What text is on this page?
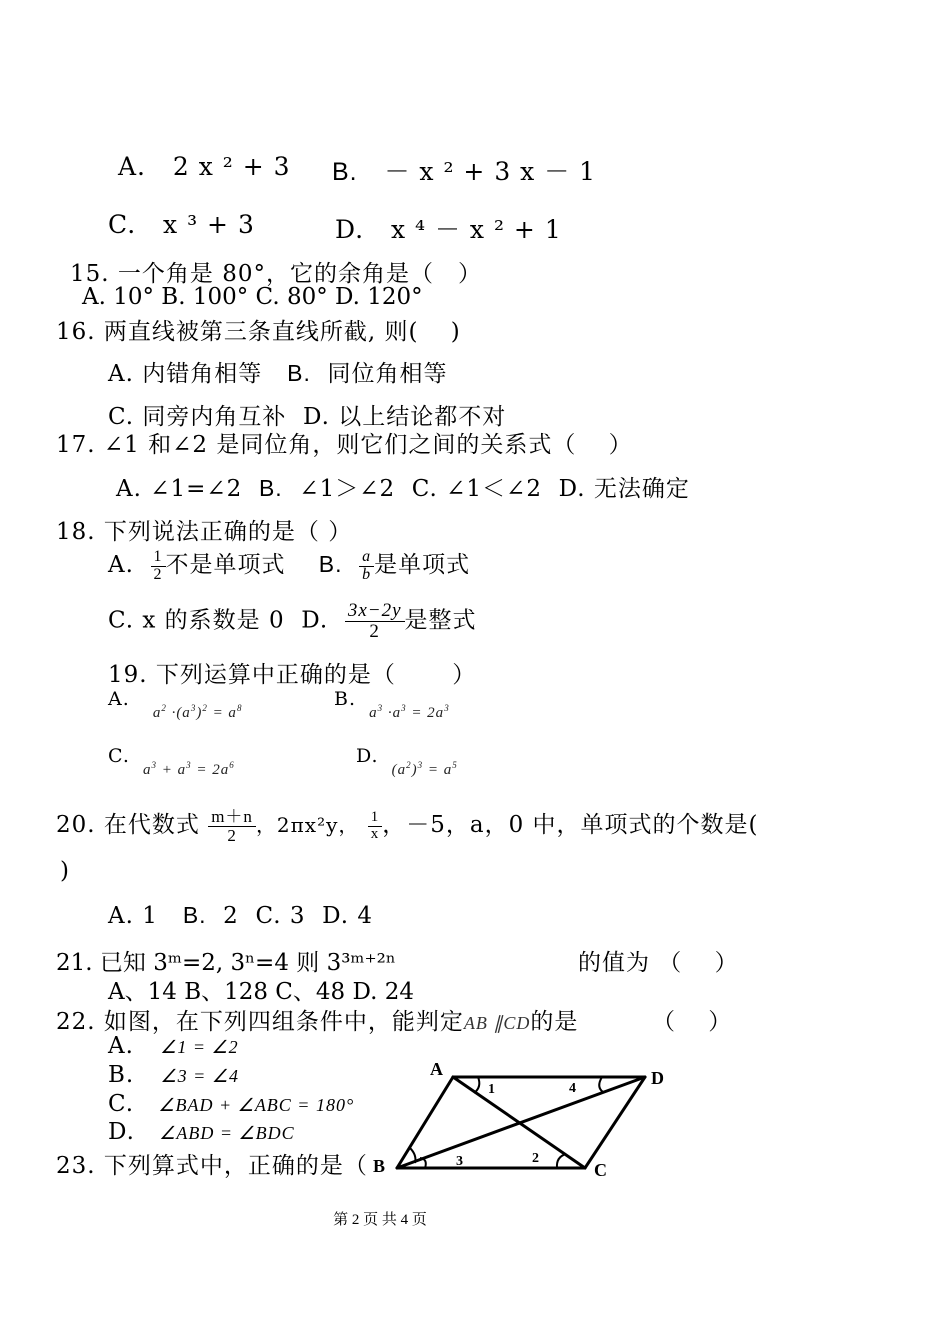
A. 2 x ² + 3 B. － x ² + 3 x － 1
C. x ³ + 3	D. x ⁴ － x ² + 1
15. 一个角是 80°，它的余角是（　）
A. 10° B. 100° C. 80° D. 120°
16. 两直线被第三条直线所截, 则(　 )
A. 内错角相等 B. 同位角相等
C. 同旁内角互补 D. 以上结论都不对
17. ∠1 和∠2 是同位角，则它们之间的关系式（　 ）
A. ∠1=∠2 B. ∠1＞∠2 C. ∠1＜∠2 D. 无法确定
18. 下列说法正确的是（ ）
A. $\frac{1}{2}$ 不是单项式 B. $\frac{a}{b}$ 是单项式
C. x 的系数是 0 D. $\frac{3x-2y}{2}$ 是整式
19. 下列运算中正确的是（　　 ）
A. $_{a^2 \cdot(a^3)^2 = a^8}$	B. $_{a^3 \cdot a^3 = 2a^3}$
C. $_{a^3 + a^3 = 2a^6}$	D. $_{(a^2)^3 = a^5}$
20. 在代数式 $\frac{m+n}{2}$ ，2πx²y， $\frac{1}{x}$ ，－5，a，0 中，单项式的个数是(
)
A. 1 B. 2 C. 3 D. 4
21. 已知 3ᵐ=2, 3ⁿ=4 则 3³ᵐ⁺²ⁿ	的值为 （　 ）
A、14 B、128 C、48 D. 24
22. 如图，在下列四组条件中，能判定AB ∥CD的是	（　 ）
A. ∠1 = ∠2
B. ∠3 = ∠4
C. ∠BAD + ∠ABC = 180°
D. ∠ABD = ∠BDC
23. 下列算式中，正确的是（
A	D
B	C
1	4
3	2
第 2 页 共 4 页
